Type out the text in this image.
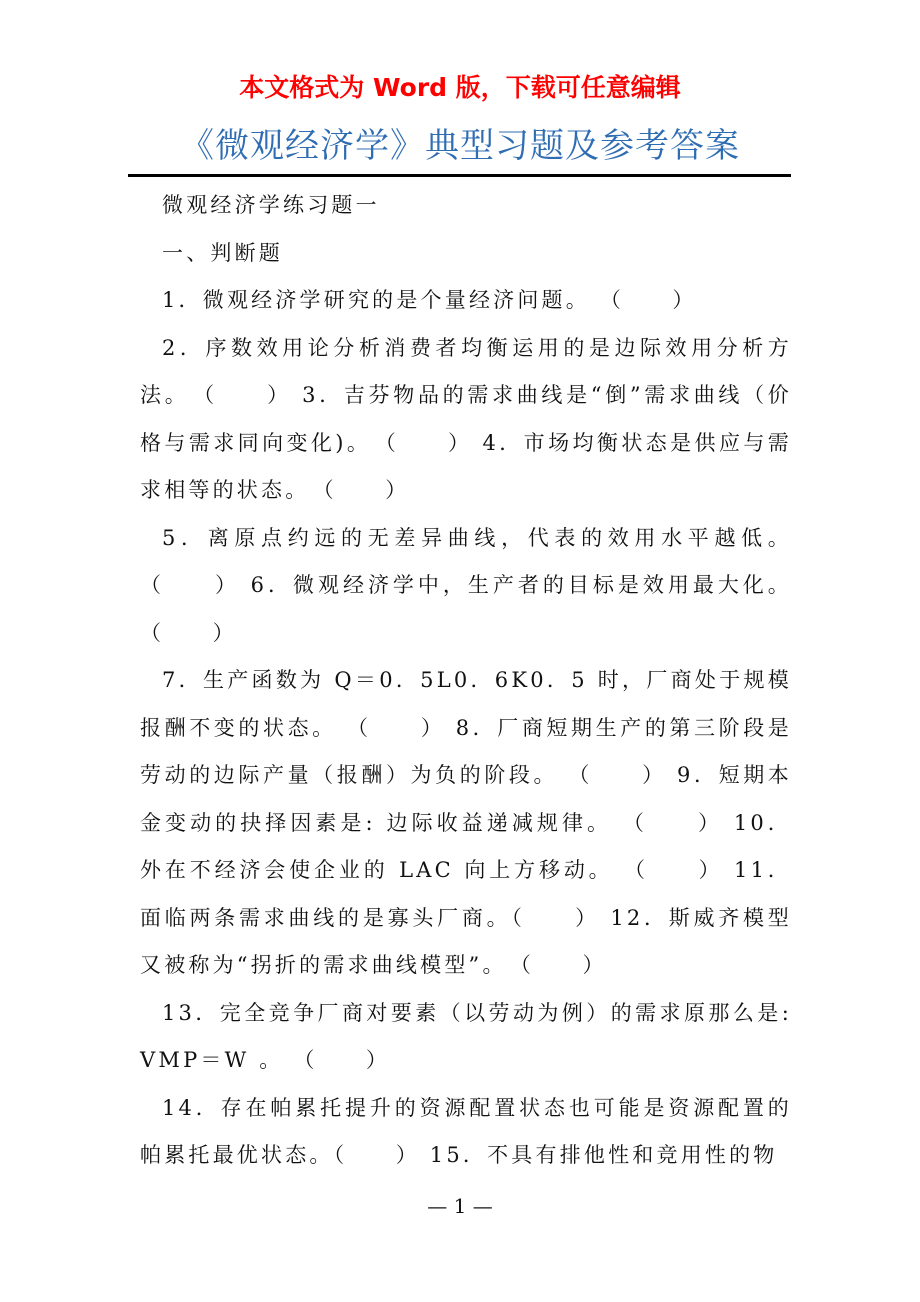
本文格式为 Word 版，下载可任意编辑
《微观经济学》典型习题及参考答案

微观经济学练习题一

一、判断题

1．微观经济学研究的是个量经济问题。 （　　）

2．序数效用论分析消费者均衡运用的是边际效用分析方法。　（　　） 3．吉芬物品的需求曲线是“倒”需求曲线（价格与需求同向变化)。　（　　） 4．市场均衡状态是供应与需求相等的状态。　（　　）

5．离原点约远的无差异曲线，代表的效用水平越低。（　　） 6．微观经济学中，生产者的目标是效用最大化。（　　）

7．生产函数为 Q＝0．5L0．6K0．5 时，厂商处于规模报酬不变的状态。 （　　） 8．厂商短期生产的第三阶段是劳动的边际产量（报酬）为负的阶段。 （　　） 9．短期本金变动的抉择因素是: 边际收益递减规律。 （　　） 10．外在不经济会使企业的 LAC 向上方移动。 （　　） 11．面临两条需求曲线的是寡头厂商。（　　） 12．斯威齐模型又被称为“拐折的需求曲线模型”。　（　　）

13．完全竞争厂商对要素（以劳动为例）的需求原那么是: VMP＝W 。 （　　）

14．存在帕累托提升的资源配置状态也可能是资源配置的帕累托最优状态。（　　） 15．不具有排他性和竞用性的物

— 1 —
